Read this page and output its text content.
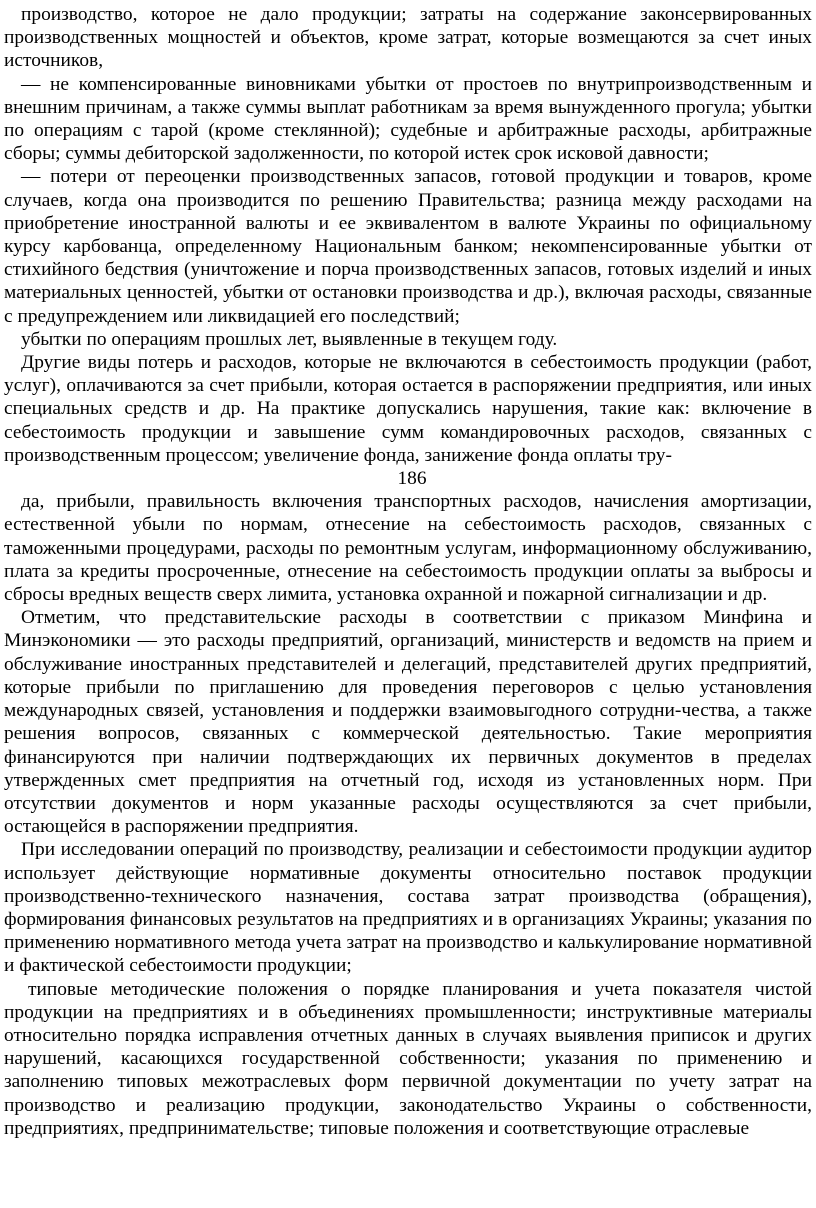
производство, которое не дало продукции; затраты на содержание законсервированных производственных мощностей и объектов, кроме затрат, которые возмещаются за счет иных источников,

— не компенсированные виновниками убытки от простоев по внутрипроизводственным и внешним причинам, а также суммы выплат работникам за время вынужденного прогула; убытки по операциям с тарой (кроме стеклянной); судебные и арбитражные расходы, арбитражные сборы; суммы дебиторской задолженности, по которой истек срок исковой давности;

— потери от переоценки производственных запасов, готовой продукции и товаров, кроме случаев, когда она производится по решению Правительства; разница между расходами на приобретение иностранной валюты и ее эквивалентом в валюте Украины по официальному курсу карбованца, определенному Национальным банком; некомпенсированные убытки от стихийного бедствия (уничтожение и порча производственных запасов, готовых изделий и иных материальных ценностей, убытки от остановки производства и др.), включая расходы, связанные с предупреждением или ликвидацией его последствий;

убытки по операциям прошлых лет, выявленные в текущем году.

Другие виды потерь и расходов, которые не включаются в себестоимость продукции (работ, услуг), оплачиваются за счет прибыли, которая остается в распоряжении предприятия, или иных специальных средств и др. На практике допускались нарушения, такие как: включение в себестоимость продукции и завышение сумм командировочных расходов, связанных с производственным процессом; увеличение фонда, занижение фонда оплаты тру-

186

да, прибыли, правильность включения транспортных расходов, начисления амортизации, естественной убыли по нормам, отнесение на себестоимость расходов, связанных с таможенными процедурами, расходы по ремонтным услугам, информационному обслуживанию, плата за кредиты просроченные, отнесение на себестоимость продукции оплаты за выбросы и сбросы вредных веществ сверх лимита, установка охранной и пожарной сигнализации и др.

Отметим, что представительские расходы в соответствии с приказом Минфина и Минэкономики — это расходы предприятий, организаций, министерств и ведомств на прием и обслуживание иностранных представителей и делегаций, представителей других предприятий, которые прибыли по приглашению для проведения переговоров с целью установления международных связей, установления и поддержки взаимовыгодного сотрудни-чества, а также решения вопросов, связанных с коммерческой деятельностью. Такие мероприятия финансируются при наличии подтверждающих их первичных документов в пределах утвержденных смет предприятия на отчетный год, исходя из установленных норм. При отсутствии документов и норм указанные расходы осуществляются за счет прибыли, остающейся в распоряжении предприятия.

При исследовании операций по производству, реализации и себестоимости продукции аудитор использует действующие нормативные документы относительно поставок продукции производственно-технического назначения, состава затрат производства (обращения), формирования финансовых результатов на предприятиях и в организациях Украины; указания по применению нормативного метода учета затрат на производство и калькулирование нормативной и фактической себестоимости продукции;

типовые методические положения о порядке планирования и учета показателя чистой продукции на предприятиях и в объединениях промышленности; инструктивные материалы относительно порядка исправления отчетных данных в случаях выявления приписок и других нарушений, касающихся государственной собственности; указания по применению и заполнению типовых межотраслевых форм первичной документации по учету затрат на производство и реализацию продукции, законодательство Украины о собственности, предприятиях, предпринимательстве; типовые положения и соответствующие отраслевые
